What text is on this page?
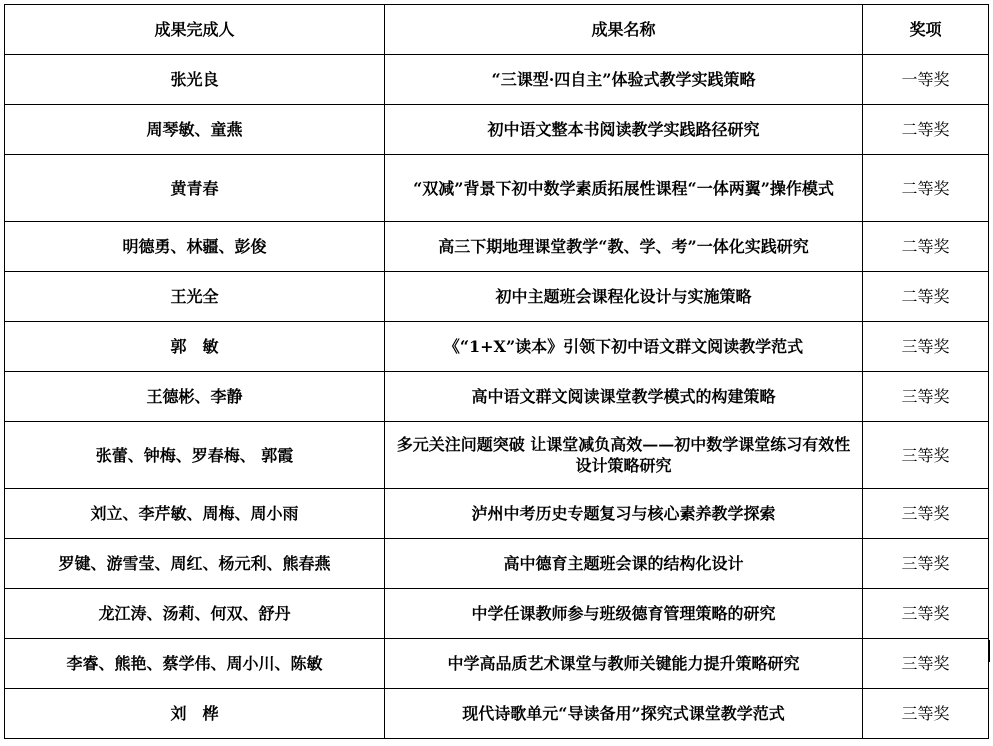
成果完成人	成果名称	奖项
张光良	“三课型·四自主”体验式教学实践策略	一等奖
周琴敏、童燕	初中语文整本书阅读教学实践路径研究	二等奖
黄青春	“双减”背景下初中数学素质拓展性课程“一体两翼”操作模式	二等奖
明德勇、林疆、彭俊	高三下期地理课堂教学“教、学、考”一体化实践研究	二等奖
王光全	初中主题班会课程化设计与实施策略	二等奖
郭　敏	《“1+X”读本》引领下初中语文群文阅读教学范式	三等奖
王德彬、李静	高中语文群文阅读课堂教学模式的构建策略	三等奖
张蕾、钟梅、罗春梅、 郭霞	多元关注问题突破 让课堂减负高效——初中数学课堂练习有效性设计策略研究	三等奖
刘立、李芹敏、周梅、周小雨	泸州中考历史专题复习与核心素养教学探索	三等奖
罗键、游雪莹、周红、杨元利、熊春燕	高中德育主题班会课的结构化设计	三等奖
龙江涛、汤莉、何双、舒丹	中学任课教师参与班级德育管理策略的研究	三等奖
李睿、熊艳、蔡学伟、周小川、陈敏	中学高品质艺术课堂与教师关键能力提升策略研究	三等奖
刘　桦	现代诗歌单元“导读备用”探究式课堂教学范式	三等奖
